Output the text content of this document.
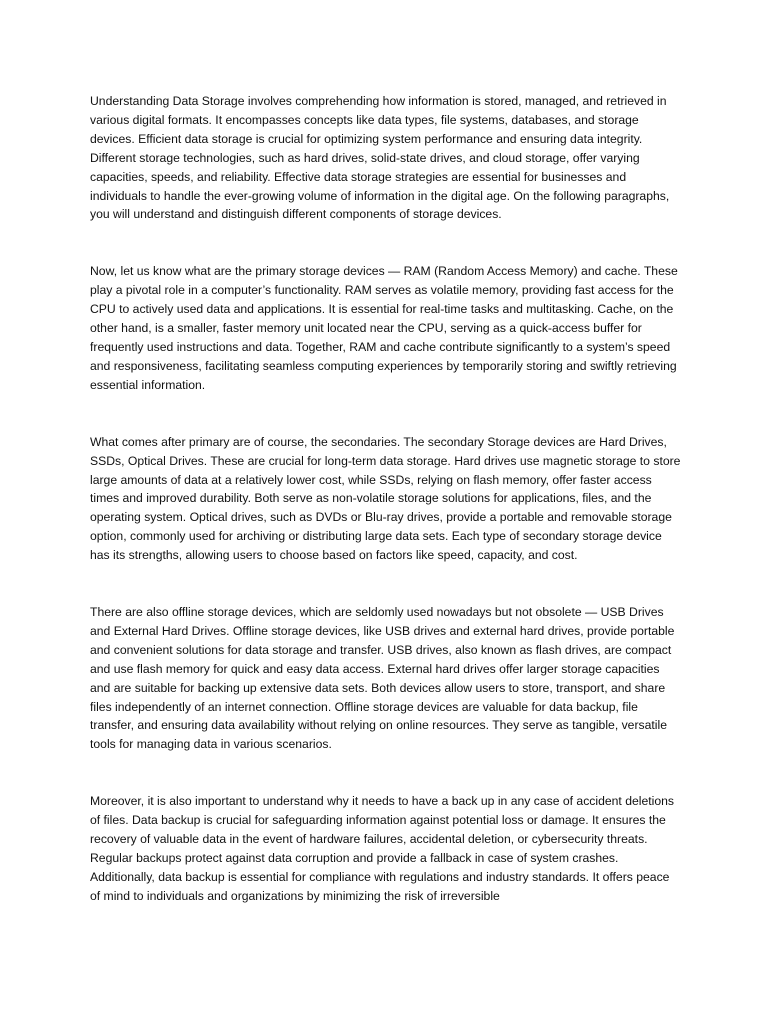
Understanding Data Storage involves comprehending how information is stored, managed, and retrieved in various digital formats. It encompasses concepts like data types, file systems, databases, and storage devices. Efficient data storage is crucial for optimizing system performance and ensuring data integrity. Different storage technologies, such as hard drives, solid-state drives, and cloud storage, offer varying capacities, speeds, and reliability. Effective data storage strategies are essential for businesses and individuals to handle the ever-growing volume of information in the digital age. On the following paragraphs, you will understand and distinguish different components of storage devices.

Now, let us know what are the primary storage devices — RAM (Random Access Memory) and cache. These play a pivotal role in a computer’s functionality. RAM serves as volatile memory, providing fast access for the CPU to actively used data and applications. It is essential for real-time tasks and multitasking. Cache, on the other hand, is a smaller, faster memory unit located near the CPU, serving as a quick-access buffer for frequently used instructions and data. Together, RAM and cache contribute significantly to a system’s speed and responsiveness, facilitating seamless computing experiences by temporarily storing and swiftly retrieving essential information.

What comes after primary are of course, the secondaries. The secondary Storage devices are Hard Drives, SSDs, Optical Drives. These are crucial for long-term data storage. Hard drives use magnetic storage to store large amounts of data at a relatively lower cost, while SSDs, relying on flash memory, offer faster access times and improved durability. Both serve as non-volatile storage solutions for applications, files, and the operating system. Optical drives, such as DVDs or Blu-ray drives, provide a portable and removable storage option, commonly used for archiving or distributing large data sets. Each type of secondary storage device has its strengths, allowing users to choose based on factors like speed, capacity, and cost.

There are also offline storage devices, which are seldomly used nowadays but not obsolete — USB Drives and External Hard Drives. Offline storage devices, like USB drives and external hard drives, provide portable and convenient solutions for data storage and transfer. USB drives, also known as flash drives, are compact and use flash memory for quick and easy data access. External hard drives offer larger storage capacities and are suitable for backing up extensive data sets. Both devices allow users to store, transport, and share files independently of an internet connection. Offline storage devices are valuable for data backup, file transfer, and ensuring data availability without relying on online resources. They serve as tangible, versatile tools for managing data in various scenarios.

Moreover, it is also important to understand why it needs to have a back up in any case of accident deletions of files. Data backup is crucial for safeguarding information against potential loss or damage. It ensures the recovery of valuable data in the event of hardware failures, accidental deletion, or cybersecurity threats. Regular backups protect against data corruption and provide a fallback in case of system crashes. Additionally, data backup is essential for compliance with regulations and industry standards. It offers peace of mind to individuals and organizations by minimizing the risk of irreversible
